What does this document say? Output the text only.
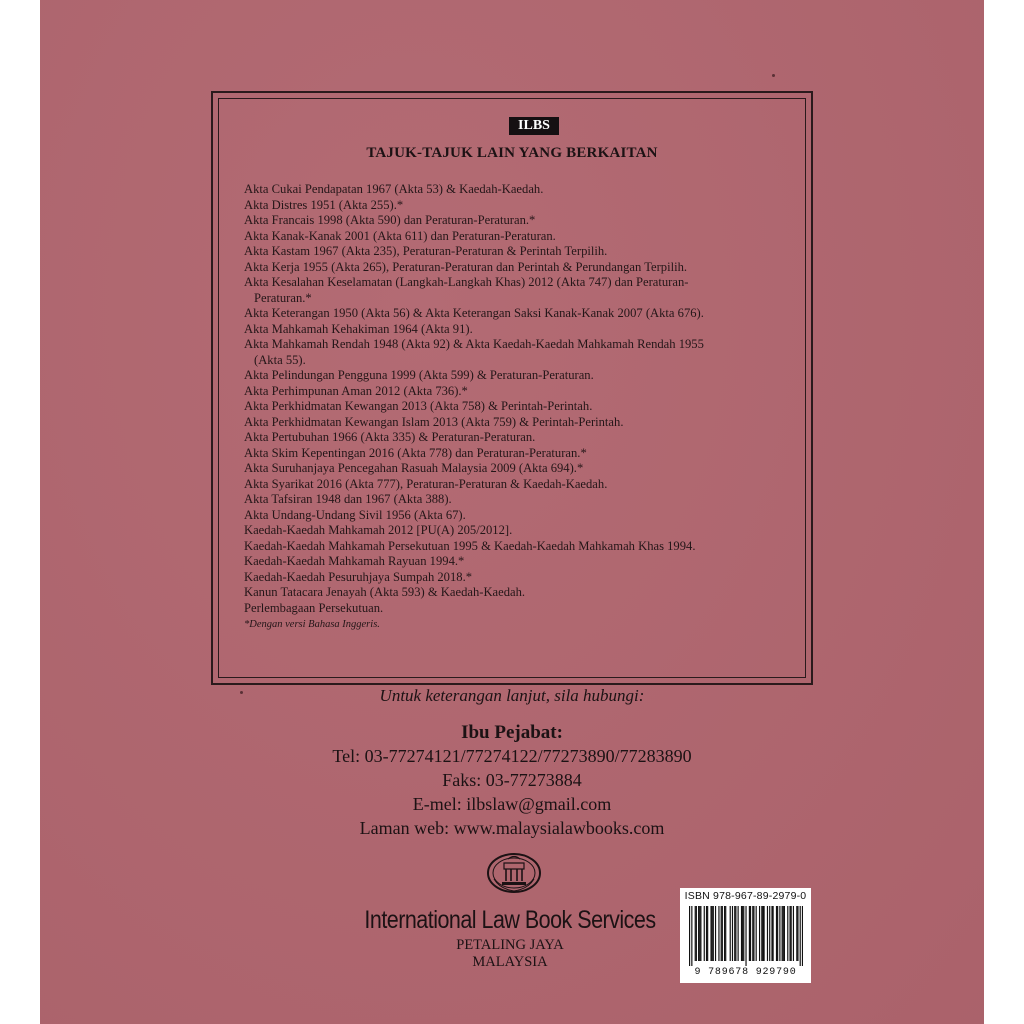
ILBS
TAJUK-TAJUK LAIN YANG BERKAITAN
Akta Cukai Pendapatan 1967 (Akta 53) & Kaedah-Kaedah.
Akta Distres 1951 (Akta 255).*
Akta Francais 1998 (Akta 590) dan Peraturan-Peraturan.*
Akta Kanak-Kanak 2001 (Akta 611) dan Peraturan-Peraturan.
Akta Kastam 1967 (Akta 235), Peraturan-Peraturan & Perintah Terpilih.
Akta Kerja 1955 (Akta 265), Peraturan-Peraturan dan Perintah & Perundangan Terpilih.
Akta Kesalahan Keselamatan (Langkah-Langkah Khas) 2012 (Akta 747) dan Peraturan-
Peraturan.*
Akta Keterangan 1950 (Akta 56) & Akta Keterangan Saksi Kanak-Kanak 2007 (Akta 676).
Akta Mahkamah Kehakiman 1964 (Akta 91).
Akta Mahkamah Rendah 1948 (Akta 92) & Akta Kaedah-Kaedah Mahkamah Rendah 1955
(Akta 55).
Akta Pelindungan Pengguna 1999 (Akta 599) & Peraturan-Peraturan.
Akta Perhimpunan Aman 2012 (Akta 736).*
Akta Perkhidmatan Kewangan 2013 (Akta 758) & Perintah-Perintah.
Akta Perkhidmatan Kewangan Islam 2013 (Akta 759) & Perintah-Perintah.
Akta Pertubuhan 1966 (Akta 335) & Peraturan-Peraturan.
Akta Skim Kepentingan 2016 (Akta 778) dan Peraturan-Peraturan.*
Akta Suruhanjaya Pencegahan Rasuah Malaysia 2009 (Akta 694).*
Akta Syarikat 2016 (Akta 777), Peraturan-Peraturan & Kaedah-Kaedah.
Akta Tafsiran 1948 dan 1967 (Akta 388).
Akta Undang-Undang Sivil 1956 (Akta 67).
Kaedah-Kaedah Mahkamah 2012 [PU(A) 205/2012].
Kaedah-Kaedah Mahkamah Persekutuan 1995 & Kaedah-Kaedah Mahkamah Khas 1994.
Kaedah-Kaedah Mahkamah Rayuan 1994.*
Kaedah-Kaedah Pesuruhjaya Sumpah 2018.*
Kanun Tatacara Jenayah (Akta 593) & Kaedah-Kaedah.
Perlembagaan Persekutuan.
*Dengan versi Bahasa Inggeris.
Untuk keterangan lanjut, sila hubungi:
Ibu Pejabat:
Tel: 03-77274121/77274122/77273890/77283890
Faks: 03-77273884
E-mel: ilbslaw@gmail.com
Laman web: www.malaysialawbooks.com
International Law Book Services
PETALING JAYA
MALAYSIA
ISBN 978-967-89-2979-0
9 789678 929790
